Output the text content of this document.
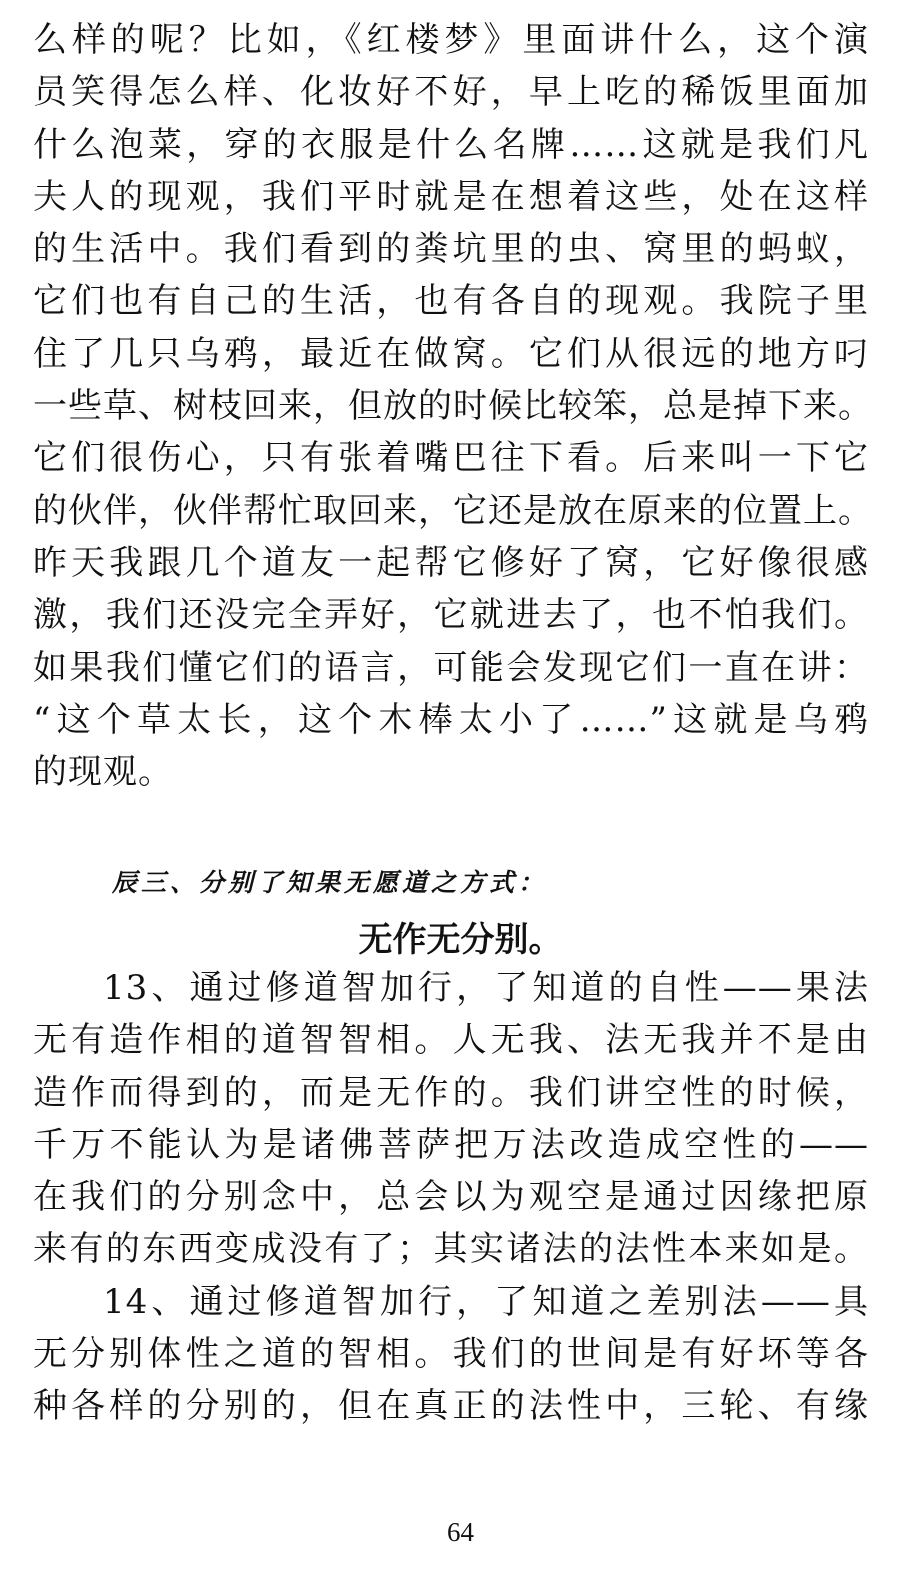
么样的呢？比如，《红楼梦》里面讲什么，这个演
员笑得怎么样、化妆好不好，早上吃的稀饭里面加
什么泡菜，穿的衣服是什么名牌……这就是我们凡
夫人的现观，我们平时就是在想着这些，处在这样
的生活中。我们看到的粪坑里的虫、窝里的蚂蚁，
它们也有自己的生活，也有各自的现观。我院子里
住了几只乌鸦，最近在做窝。它们从很远的地方叼
一些草、树枝回来，但放的时候比较笨，总是掉下来。
它们很伤心，只有张着嘴巴往下看。后来叫一下它
的伙伴，伙伴帮忙取回来，它还是放在原来的位置上。
昨天我跟几个道友一起帮它修好了窝，它好像很感
激，我们还没完全弄好，它就进去了，也不怕我们。
如果我们懂它们的语言，可能会发现它们一直在讲：
“这个草太长，这个木棒太小了……”这就是乌鸦
的现观。
辰三、分别了知果无愿道之方式：
无作无分别。
13、通过修道智加行，了知道的自性——果法
无有造作相的道智智相。人无我、法无我并不是由
造作而得到的，而是无作的。我们讲空性的时候，
千万不能认为是诸佛菩萨把万法改造成空性的——
在我们的分别念中，总会以为观空是通过因缘把原
来有的东西变成没有了；其实诸法的法性本来如是。
14、通过修道智加行，了知道之差别法——具
无分别体性之道的智相。我们的世间是有好坏等各
种各样的分别的，但在真正的法性中，三轮、有缘
64
